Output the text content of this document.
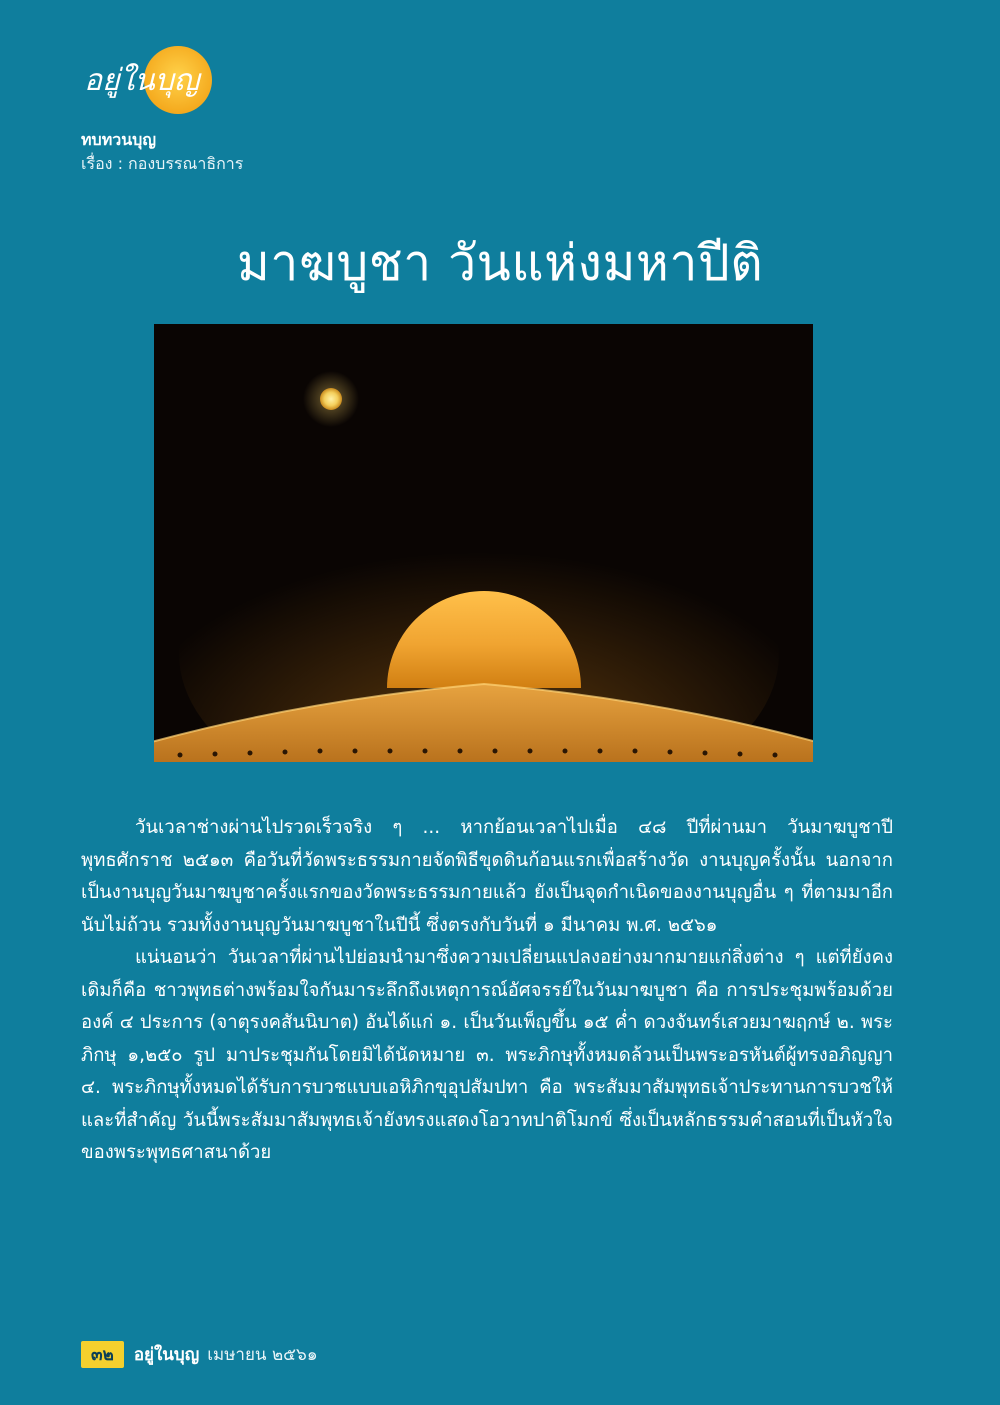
อยู่ในบุญ
ทบทวนบุญ
เรื่อง : กองบรรณาธิการ
มาฆบูชา วันแห่งมหาปีติ

วันเวลาช่างผ่านไปรวดเร็วจริง ๆ ... หากย้อนเวลาไปเมื่อ ๔๘ ปีที่ผ่านมา วันมาฆบูชาปีพุทธศักราช ๒๕๑๓ คือวันที่วัดพระธรรมกายจัดพิธีขุดดินก้อนแรกเพื่อสร้างวัด งานบุญครั้งนั้น นอกจากเป็นงานบุญวันมาฆบูชาครั้งแรกของวัดพระธรรมกายแล้ว ยังเป็นจุดกำเนิดของงานบุญอื่น ๆ ที่ตามมาอีกนับไม่ถ้วน รวมทั้งงานบุญวันมาฆบูชาในปีนี้ ซึ่งตรงกับวันที่ ๑ มีนาคม พ.ศ. ๒๕๖๑

แน่นอนว่า วันเวลาที่ผ่านไปย่อมนำมาซึ่งความเปลี่ยนแปลงอย่างมากมายแก่สิ่งต่าง ๆ แต่ที่ยังคงเดิมก็คือ ชาวพุทธต่างพร้อมใจกันมาระลึกถึงเหตุการณ์อัศจรรย์ในวันมาฆบูชา คือ การประชุมพร้อมด้วยองค์ ๔ ประการ (จาตุรงคสันนิบาต) อันได้แก่ ๑. เป็นวันเพ็ญขึ้น ๑๕ ค่ำ ดวงจันทร์เสวยมาฆฤกษ์ ๒. พระภิกษุ ๑,๒๕๐ รูป มาประชุมกันโดยมิได้นัดหมาย ๓. พระภิกษุทั้งหมดล้วนเป็นพระอรหันต์ผู้ทรงอภิญญา ๔. พระภิกษุทั้งหมดได้รับการบวชแบบเอหิภิกขุอุปสัมปทา คือ พระสัมมาสัมพุทธเจ้าประทานการบวชให้ และที่สำคัญ วันนี้พระสัมมาสัมพุทธเจ้ายังทรงแสดงโอวาทปาติโมกข์ ซึ่งเป็นหลักธรรมคำสอนที่เป็นหัวใจของพระพุทธศาสนาด้วย

๓๒	อยู่ในบุญ เมษายน ๒๕๖๑
